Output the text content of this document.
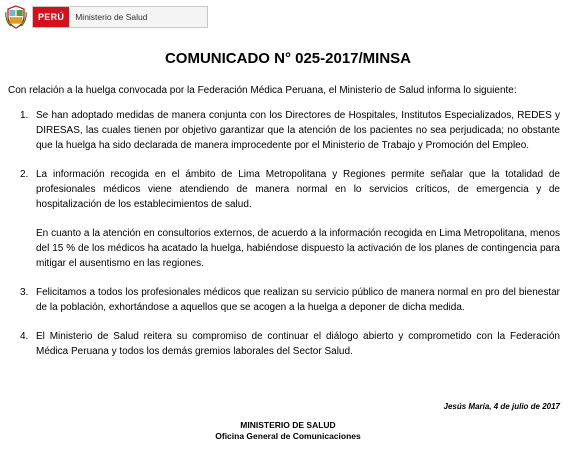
PERÚ	Ministerio de Salud
COMUNICADO N° 025-2017/MINSA
Con relación a la huelga convocada por la Federación Médica Peruana, el Ministerio de Salud informa lo siguiente:
1. Se han adoptado medidas de manera conjunta con los Directores de Hospitales, Institutos Especializados, REDES y DIRESAS, las cuales tienen por objetivo garantizar que la atención de los pacientes no sea perjudicada; no obstante que la huelga ha sido declarada de manera improcedente por el Ministerio de Trabajo y Promoción del Empleo.
2. La información recogida en el ámbito de Lima Metropolitana y Regiones permite señalar que la totalidad de profesionales médicos viene atendiendo de manera normal en lo servicios críticos, de emergencia y de hospitalización de los establecimientos de salud.
En cuanto a la atención en consultorios externos, de acuerdo a la información recogida en Lima Metropolitana, menos del 15 % de los médicos ha acatado la huelga, habiéndose dispuesto la activación de los planes de contingencia para mitigar el ausentismo en las regiones.
3. Felicitamos a todos los profesionales médicos que realizan su servicio público de manera normal en pro del bienestar de la población, exhortándose a aquellos que se acogen a la huelga a deponer de dicha medida.
4. El Ministerio de Salud reitera su compromiso de continuar el diálogo abierto y comprometido con la Federación Médica Peruana y todos los demás gremios laborales del Sector Salud.
Jesús María, 4 de julio de 2017
MINISTERIO DE SALUD
Oficina General de Comunicaciones
